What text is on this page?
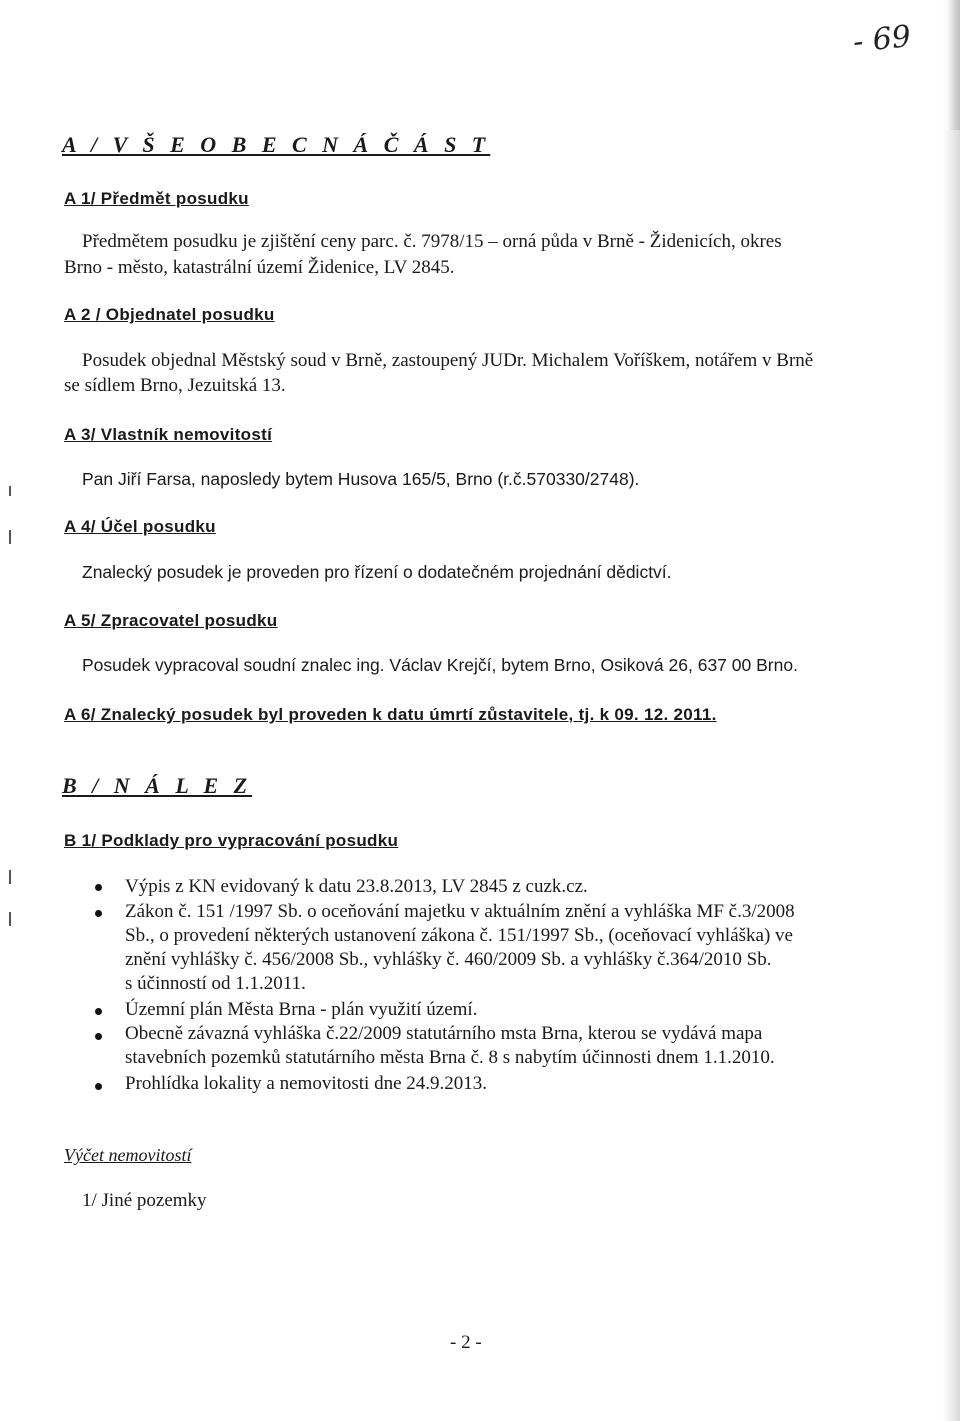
- 69
A / V Š E O B E C N Á Č Á S T
A 1/ Předmět posudku
Předmětem posudku je zjištění ceny parc. č. 7978/15 – orná půda v Brně - Židenicích, okres
Brno - město, katastrální území Židenice, LV 2845.
A 2 / Objednatel posudku
Posudek objednal Městský soud v Brně, zastoupený JUDr. Michalem Voříškem, notářem v Brně
se sídlem Brno, Jezuitská 13.
A 3/ Vlastník nemovitostí
Pan Jiří Farsa, naposledy bytem Husova 165/5, Brno (r.č.570330/2748).
A 4/ Účel posudku
Znalecký posudek je proveden pro řízení o dodatečném projednání dědictví.
A 5/ Zpracovatel posudku
Posudek vypracoval soudní znalec ing. Václav Krejčí, bytem Brno, Osiková 26, 637 00 Brno.
A 6/ Znalecký posudek byl proveden k datu úmrtí zůstavitele, tj. k 09. 12. 2011.
B / N Á L E Z
B 1/ Podklady pro vypracování posudku
Výpis z KN evidovaný k datu 23.8.2013, LV 2845 z cuzk.cz.
Zákon č. 151 /1997 Sb. o oceňování majetku v aktuálním znění a vyhláška MF č.3/2008
Sb., o provedení některých ustanovení zákona č. 151/1997 Sb., (oceňovací vyhláška) ve
znění vyhlášky č. 456/2008 Sb., vyhlášky č. 460/2009 Sb. a vyhlášky č.364/2010 Sb.
s účinností od 1.1.2011.
Územní plán Města Brna - plán využití území.
Obecně závazná vyhláška č.22/2009 statutárního msta Brna, kterou se vydává mapa
stavebních pozemků statutárního města Brna č. 8 s nabytím účinnosti dnem 1.1.2010.
Prohlídka lokality a nemovitosti dne 24.9.2013.
Výčet nemovitostí
1/ Jiné pozemky
- 2 -
